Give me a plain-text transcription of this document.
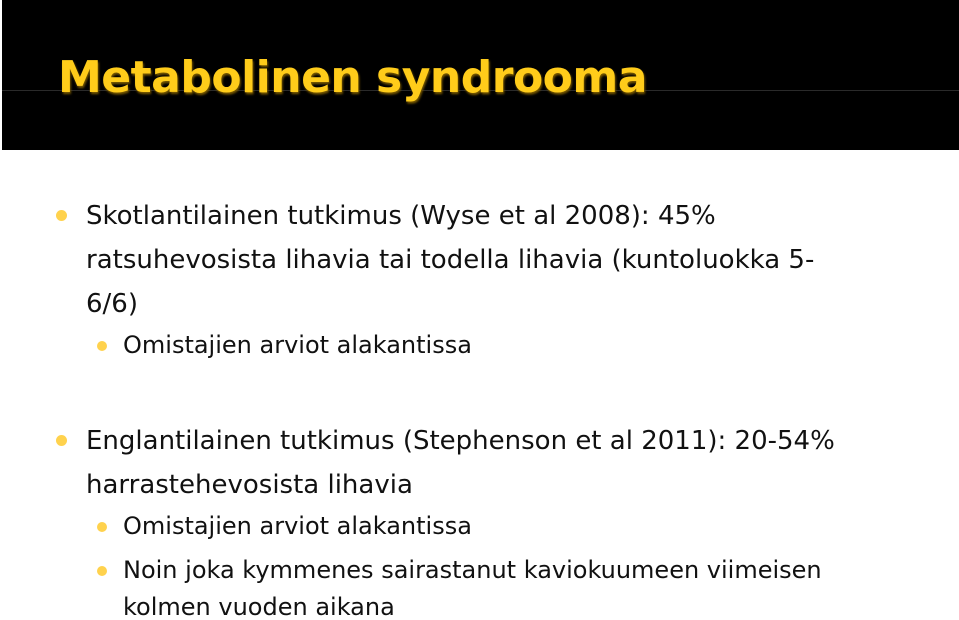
Metabolinen syndrooma

Skotlantilainen tutkimus (Wyse et al 2008): 45%

ratsuhevosista lihavia tai todella lihavia (kuntoluokka 5-

6/6)

Omistajien arviot alakantissa

Englantilainen tutkimus (Stephenson et al 2011): 20-54%

harrastehevosista lihavia

Omistajien arviot alakantissa

Noin joka kymmenes sairastanut kaviokuumeen viimeisen

kolmen vuoden aikana
